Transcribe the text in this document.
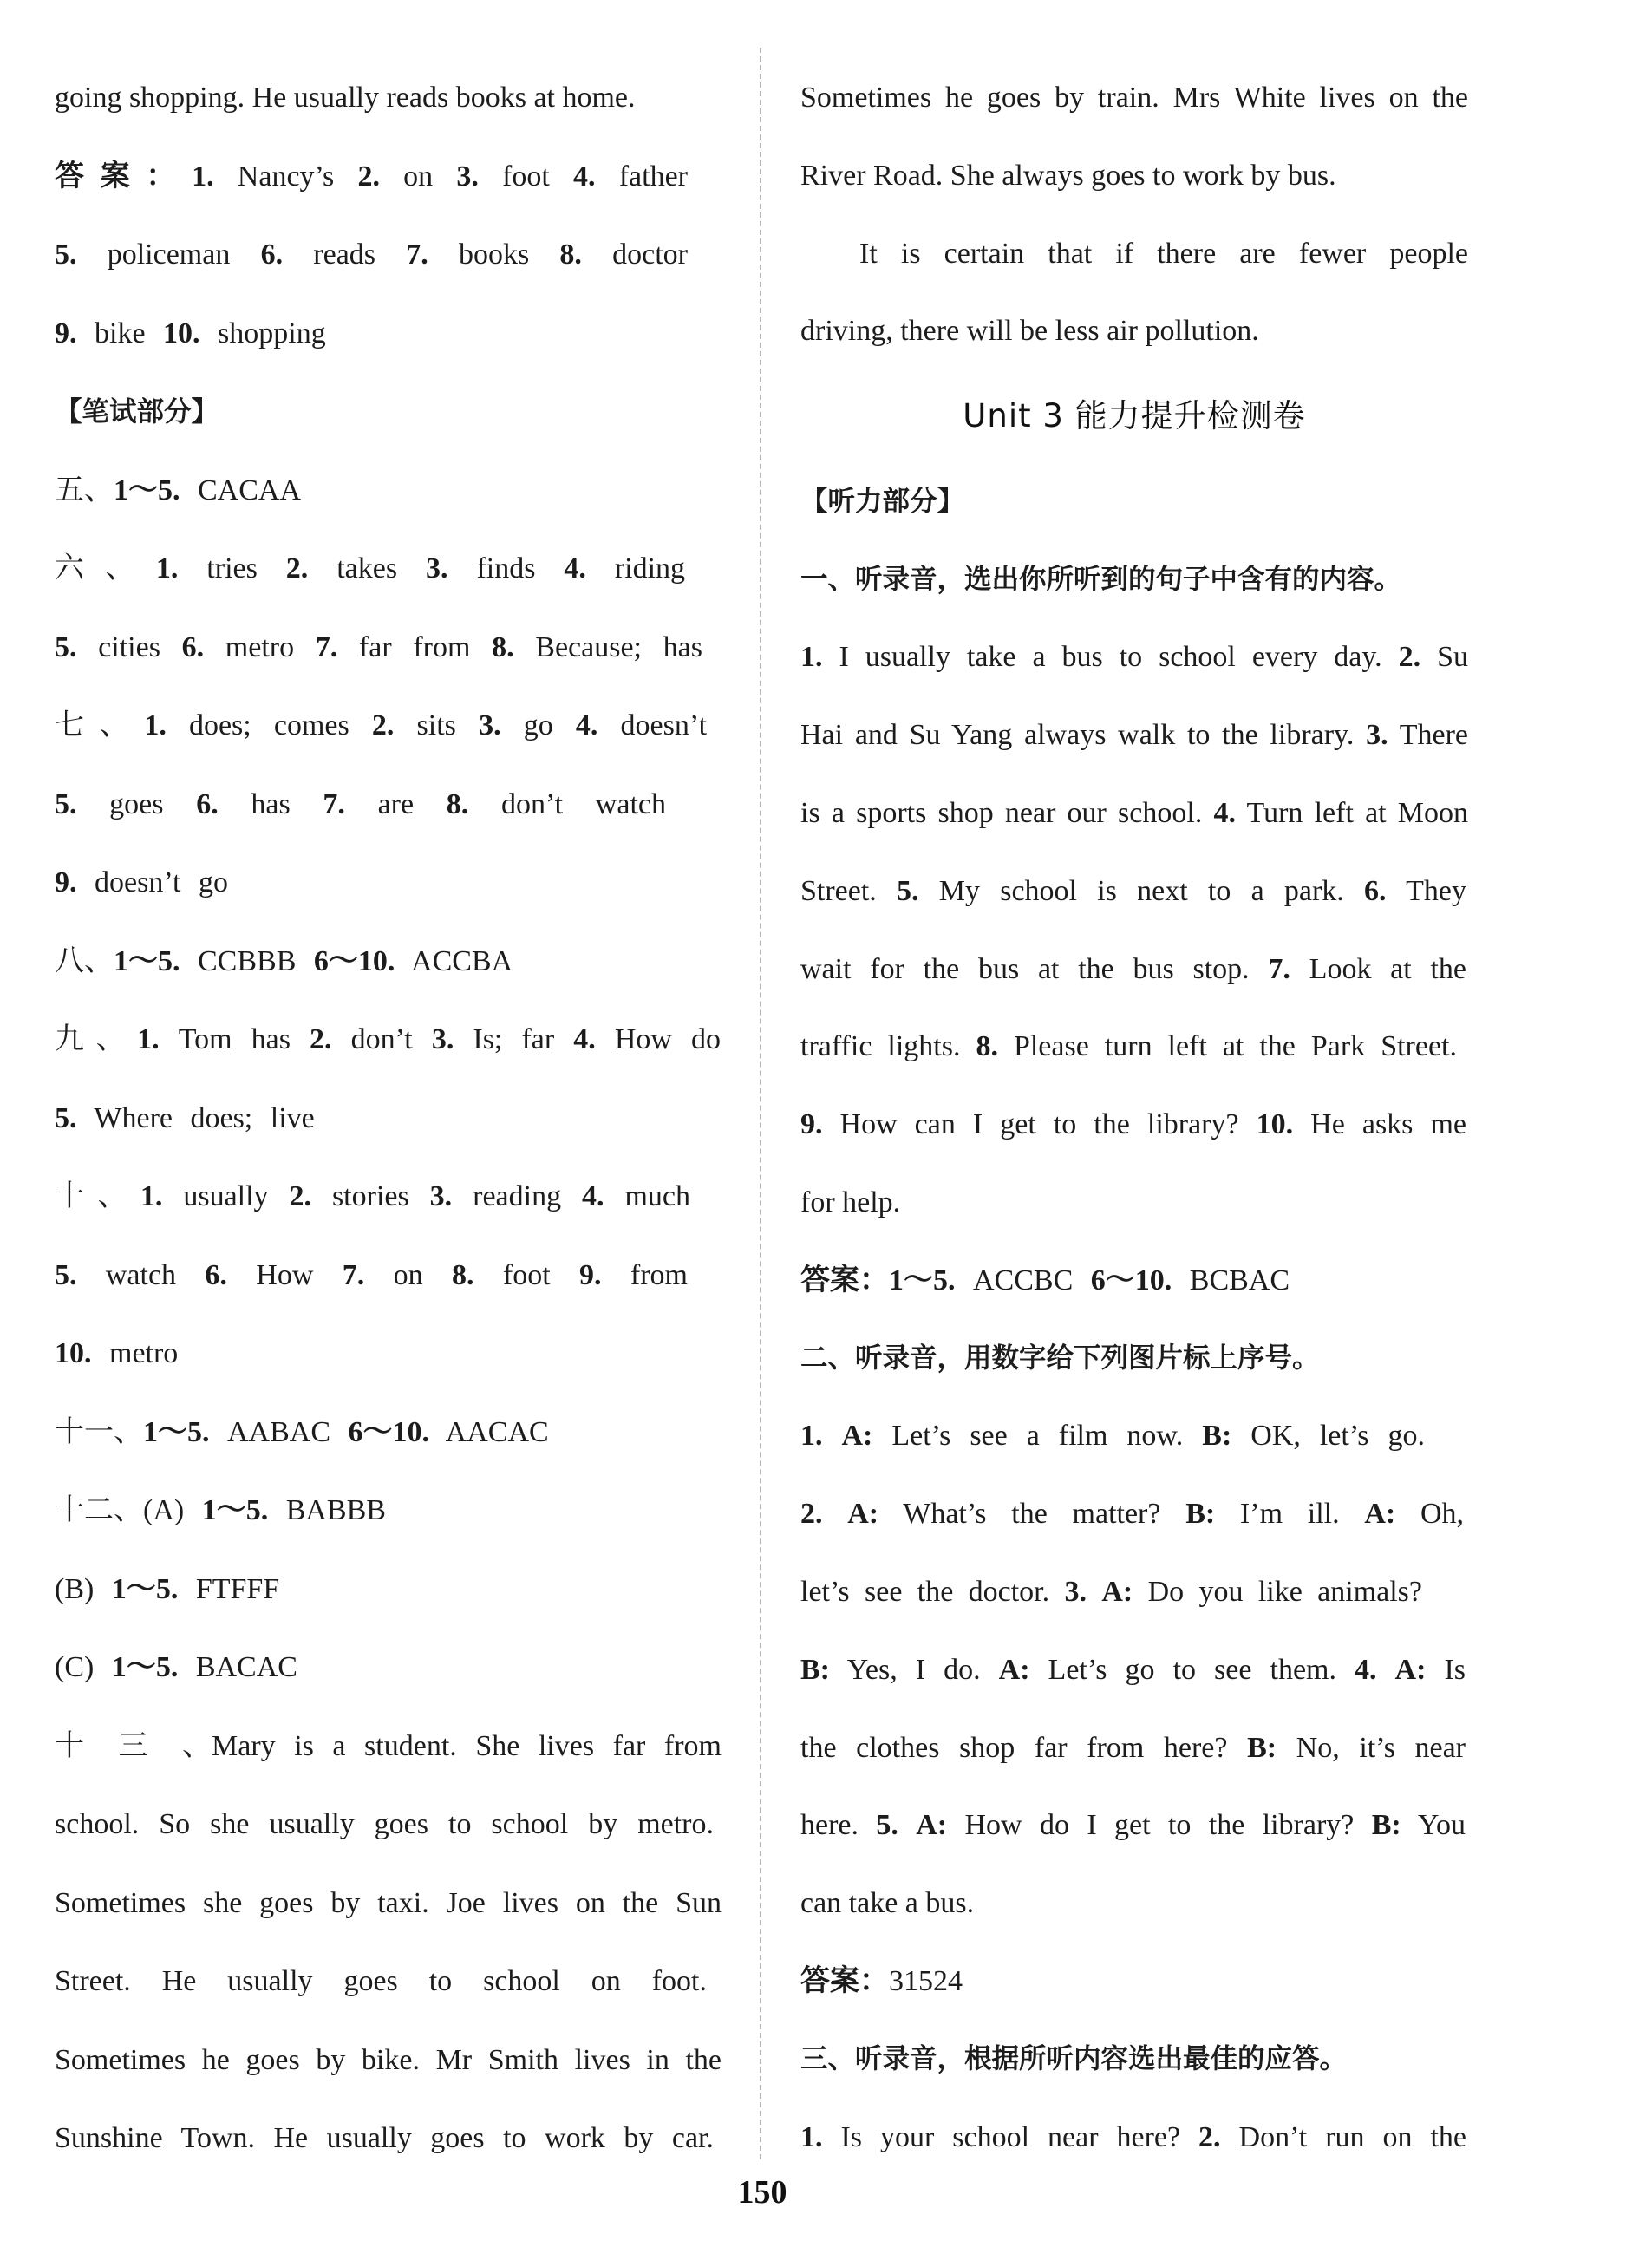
going shopping. He usually reads books at home.
答案：1. Nancy’s 2. on 3. foot 4. father
5. policeman 6. reads 7. books 8. doctor
9. bike 10. shopping
【笔试部分】
五、1～5. CACAA
六、1. tries 2. takes 3. finds 4. riding
5. cities 6. metro 7. far from 8. Because; has
七、1. does; comes 2. sits 3. go 4. doesn’t
5. goes 6. has 7. are 8. don’t watch
9. doesn’t go
八、1～5. CCBBB 6～10. ACCBA
九、1. Tom has 2. don’t 3. Is; far 4. How do
5. Where does; live
十、1. usually 2. stories 3. reading 4. much
5. watch 6. How 7. on 8. foot 9. from
10. metro
十一、1～5. AABAC 6～10. AACAC
十二、(A) 1～5. BABBB
(B) 1～5. FTFFF
(C) 1～5. BACAC
十三、Mary is a student. She lives far from
school. So she usually goes to school by metro.
Sometimes she goes by taxi. Joe lives on the Sun
Street. He usually goes to school on foot.
Sometimes he goes by bike. Mr Smith lives in the
Sunshine Town. He usually goes to work by car.
Sometimes he goes by train. Mrs White lives on the
River Road. She always goes to work by bus.
It is certain that if there are fewer people
driving, there will be less air pollution.
Unit 3 能力提升检测卷
【听力部分】
一、听录音，选出你所听到的句子中含有的内容。
1. I usually take a bus to school every day. 2. Su
Hai and Su Yang always walk to the library. 3. There
is a sports shop near our school. 4. Turn left at Moon
Street. 5. My school is next to a park. 6. They
wait for the bus at the bus stop. 7. Look at the
traffic lights. 8. Please turn left at the Park Street.
9. How can I get to the library? 10. He asks me
for help.
答案：1～5. ACCBC 6～10. BCBAC
二、听录音，用数字给下列图片标上序号。
1. A: Let’s see a film now. B: OK, let’s go.
2. A: What’s the matter? B: I’m ill. A: Oh,
let’s see the doctor. 3. A: Do you like animals?
B: Yes, I do. A: Let’s go to see them. 4. A: Is
the clothes shop far from here? B: No, it’s near
here. 5. A: How do I get to the library? B: You
can take a bus.
答案：31524
三、听录音，根据所听内容选出最佳的应答。
1. Is your school near here? 2. Don’t run on the
150
